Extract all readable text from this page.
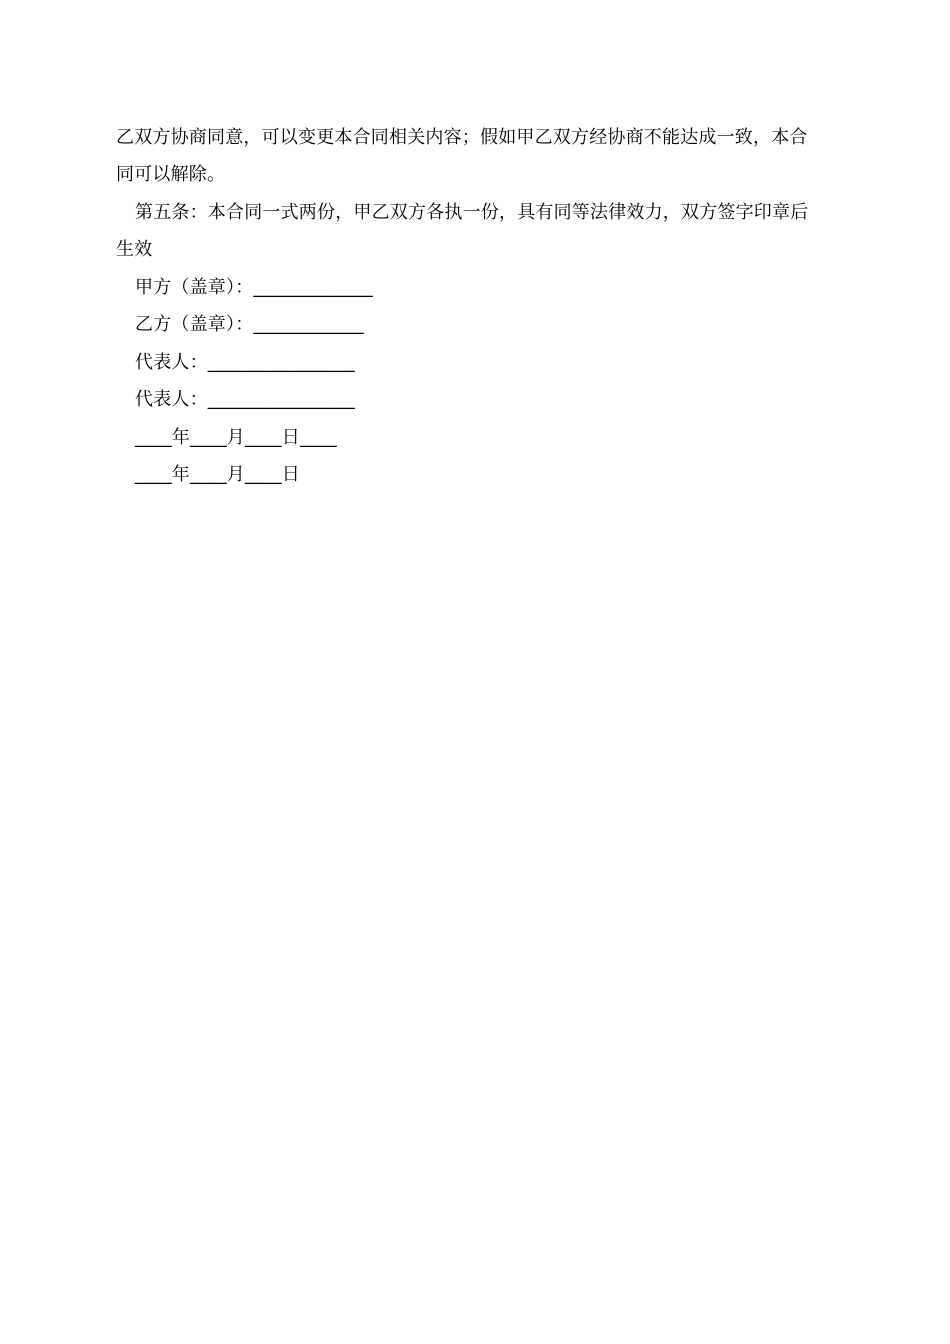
乙双方协商同意，可以变更本合同相关内容；假如甲乙双方经协商不能达成一致，本合
同可以解除。
第五条：本合同一式两份，甲乙双方各执一份，具有同等法律效力，双方签字印章后
生效
甲方（盖章）：_____________
乙方（盖章）：____________
代表人：________________
代表人：________________
____年____月____日____
____年____月____日
